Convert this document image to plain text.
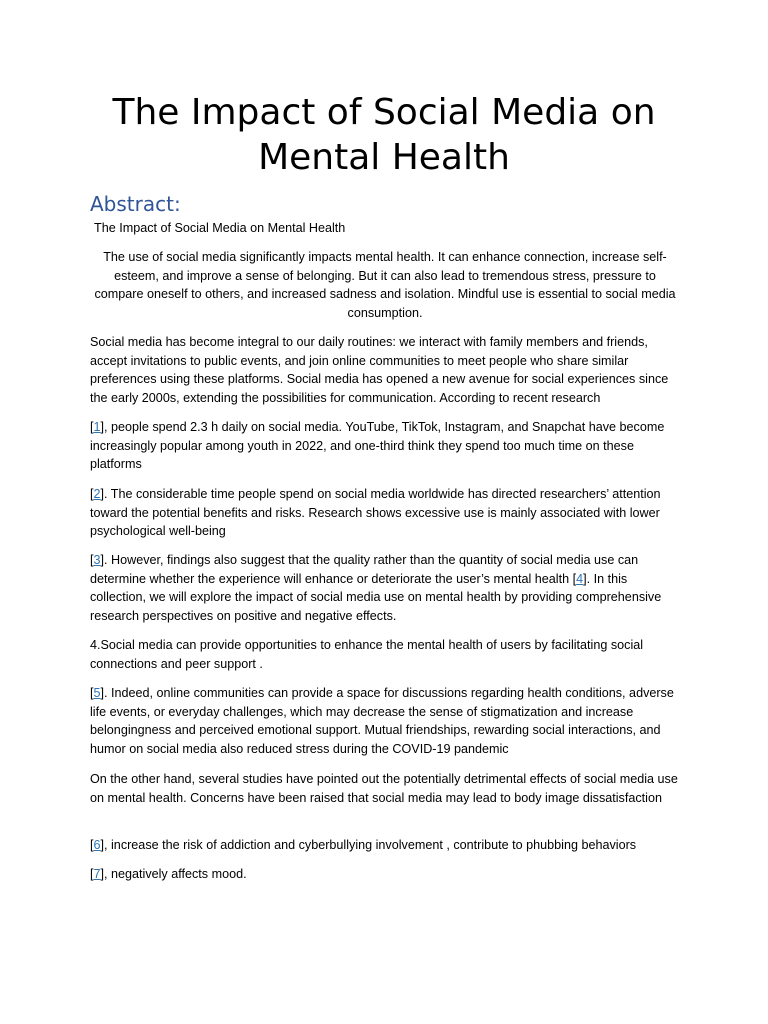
The Impact of Social Media on Mental Health
Abstract:

The Impact of Social Media on Mental Health

The use of social media significantly impacts mental health. It can enhance connection, increase self-esteem, and improve a sense of belonging. But it can also lead to tremendous stress, pressure to compare oneself to others, and increased sadness and isolation. Mindful use is essential to social media consumption.

Social media has become integral to our daily routines: we interact with family members and friends, accept invitations to public events, and join online communities to meet people who share similar preferences using these platforms. Social media has opened a new avenue for social experiences since the early 2000s, extending the possibilities for communication. According to recent research

[1], people spend 2.3 h daily on social media. YouTube, TikTok, Instagram, and Snapchat have become increasingly popular among youth in 2022, and one-third think they spend too much time on these platforms

[2]. The considerable time people spend on social media worldwide has directed researchers’ attention toward the potential benefits and risks. Research shows excessive use is mainly associated with lower psychological well-being

[3]. However, findings also suggest that the quality rather than the quantity of social media use can determine whether the experience will enhance or deteriorate the user’s mental health [4]. In this collection, we will explore the impact of social media use on mental health by providing comprehensive research perspectives on positive and negative effects.

4.Social media can provide opportunities to enhance the mental health of users by facilitating social connections and peer support .

[5]. Indeed, online communities can provide a space for discussions regarding health conditions, adverse life events, or everyday challenges, which may decrease the sense of stigmatization and increase belongingness and perceived emotional support. Mutual friendships, rewarding social interactions, and humor on social media also reduced stress during the COVID-19 pandemic

On the other hand, several studies have pointed out the potentially detrimental effects of social media use on mental health. Concerns have been raised that social media may lead to body image dissatisfaction

[6], increase the risk of addiction and cyberbullying involvement , contribute to phubbing behaviors

[7], negatively affects mood.
